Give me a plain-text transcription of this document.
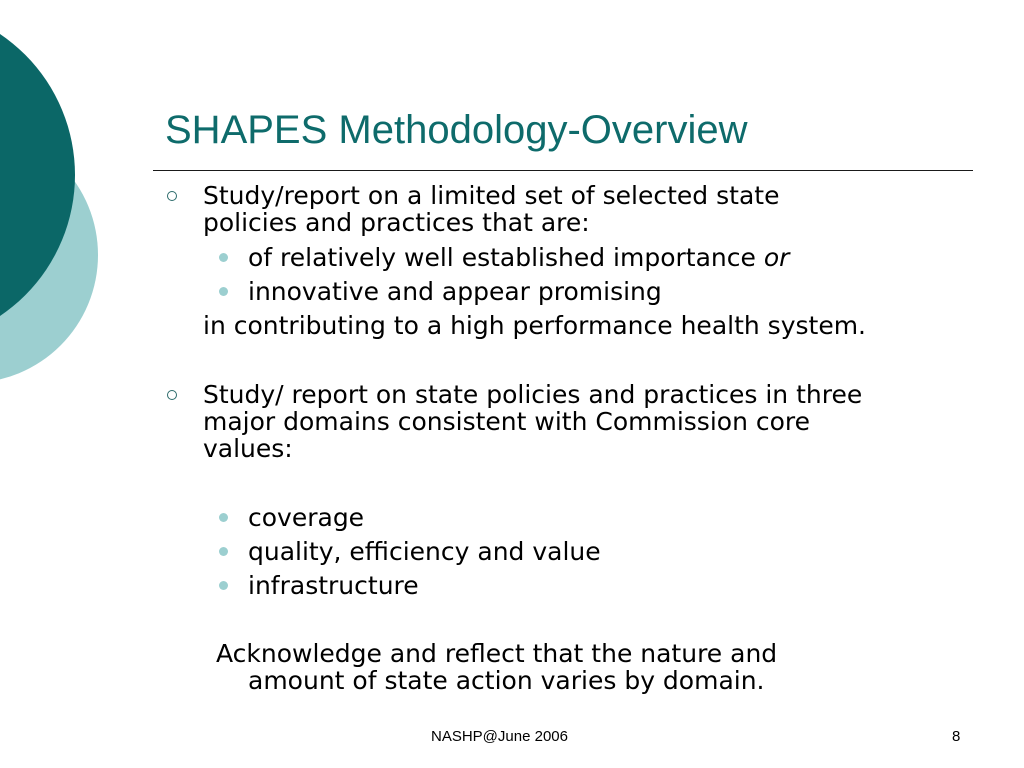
SHAPES Methodology-Overview
Study/report on a limited set of selected state
policies and practices that are:
of relatively well established importance or
innovative and appear promising
in contributing to a high performance health system.
Study/ report on state policies and practices in three
major domains consistent with Commission core
values:
coverage
quality, efficiency and value
infrastructure
Acknowledge and reflect that the nature and
amount of state action varies by domain.
NASHP@June 2006	8
